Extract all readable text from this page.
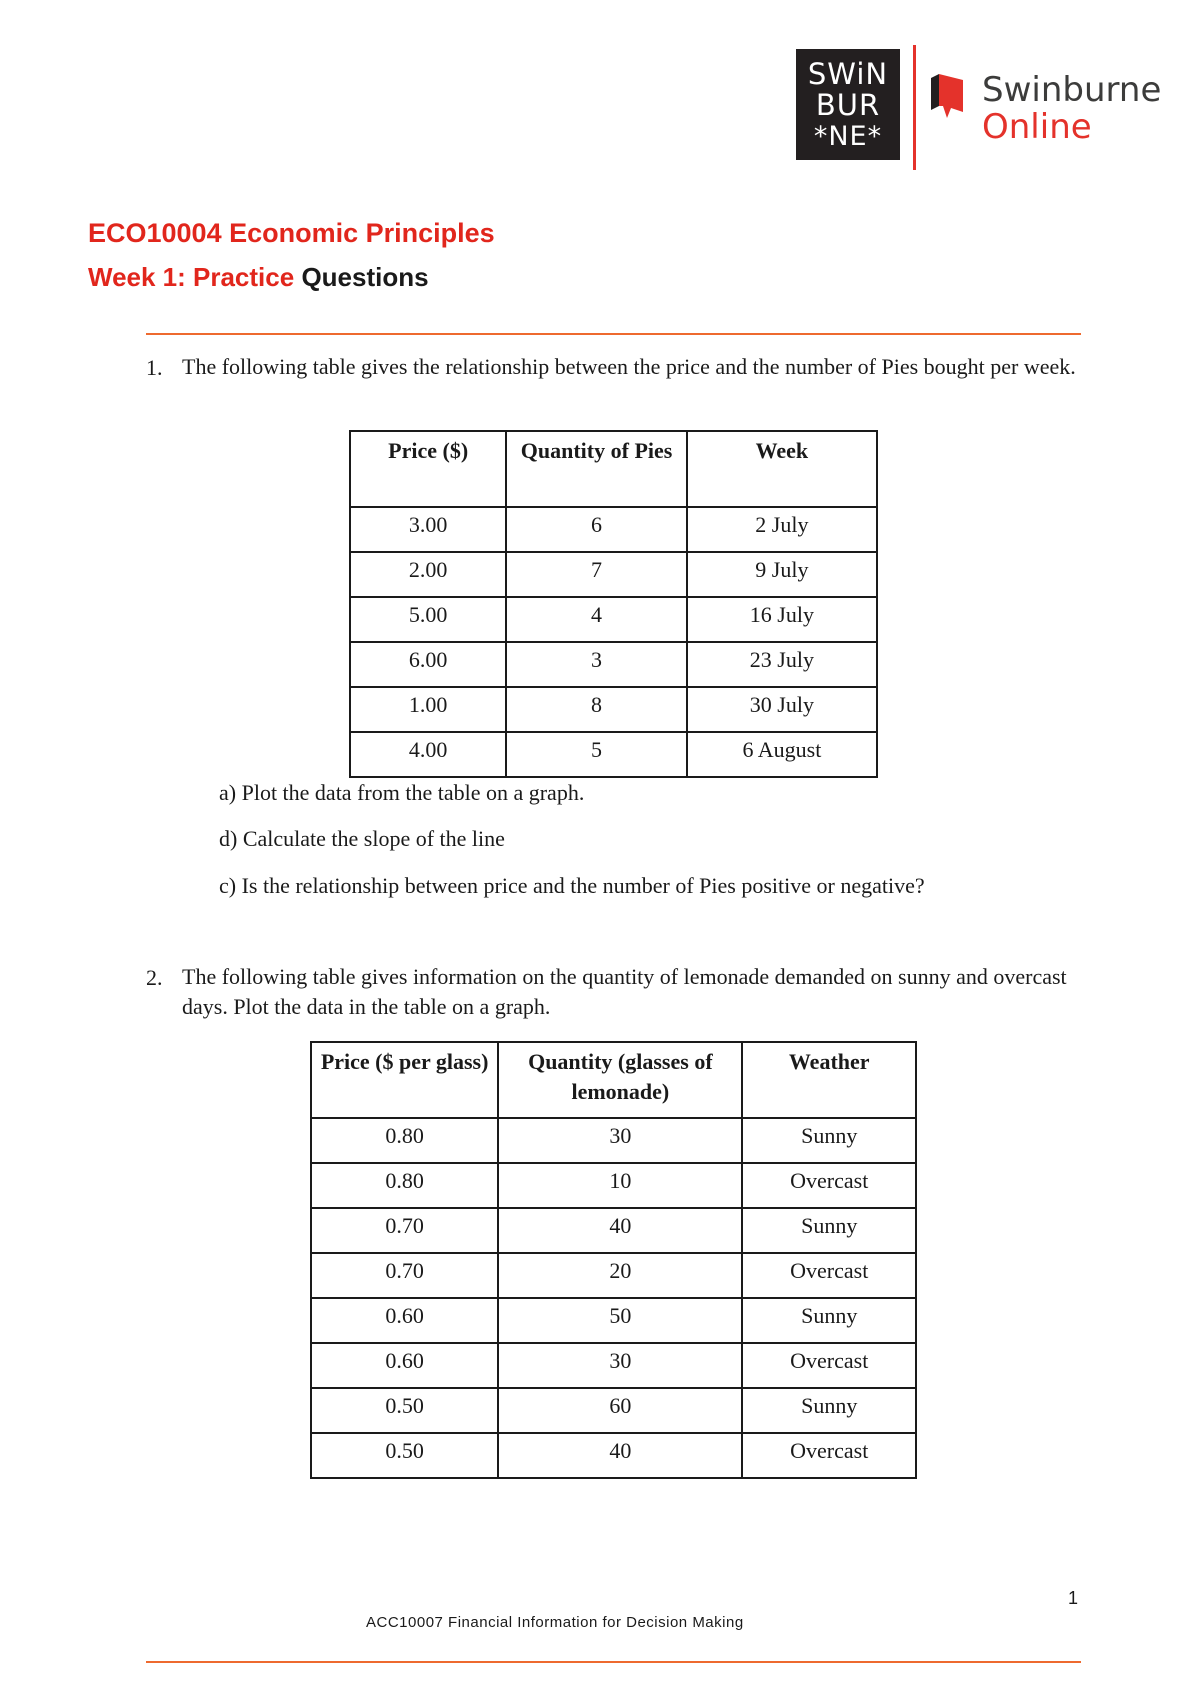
SWiN
BUR
*NE*
Swinburne
Online
ECO10004 Economic Principles
Week 1: Practice Questions
1. The following table gives the relationship between the price and the number of Pies bought per week.
Price ($)	Quantity of Pies	Week
3.00	6	2 July
2.00	7	9 July
5.00	4	16 July
6.00	3	23 July
1.00	8	30 July
4.00	5	6 August
a) Plot the data from the table on a graph.
d) Calculate the slope of the line
c) Is the relationship between price and the number of Pies positive or negative?
2. The following table gives information on the quantity of lemonade demanded on sunny and overcast days. Plot the data in the table on a graph.
Price ($ per glass)	Quantity (glasses of lemonade)	Weather
0.80	30	Sunny
0.80	10	Overcast
0.70	40	Sunny
0.70	20	Overcast
0.60	50	Sunny
0.60	30	Overcast
0.50	60	Sunny
0.50	40	Overcast
1
ACC10007 Financial Information for Decision Making
